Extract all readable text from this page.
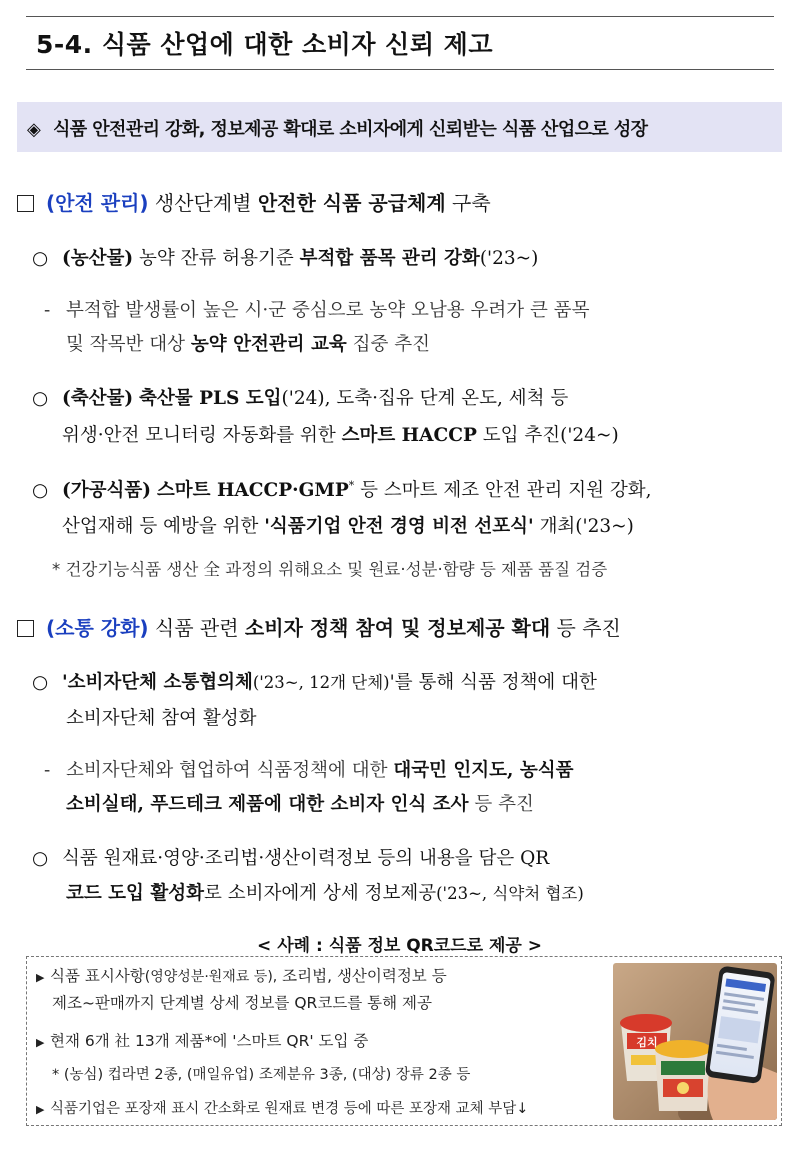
5-4. 식품 산업에 대한 소비자 신뢰 제고
◈ 식품 안전관리 강화, 정보제공 확대로 소비자에게 신뢰받는 식품 산업으로 성장
(안전 관리) 생산단계별 안전한 식품 공급체계 구축
○ (농산물) 농약 잔류 허용기준 부적합 품목 관리 강화('23~)
- 부적합 발생률이 높은 시·군 중심으로 농약 오남용 우려가 큰 품목
및 작목반 대상 농약 안전관리 교육 집중 추진
○ (축산물) 축산물 PLS 도입('24), 도축·집유 단계 온도, 세척 등
위생·안전 모니터링 자동화를 위한 스마트 HACCP 도입 추진('24~)
○ (가공식품) 스마트 HACCP·GMP* 등 스마트 제조 안전 관리 지원 강화,
산업재해 등 예방을 위한 '식품기업 안전 경영 비전 선포식' 개최('23~)
* 건강기능식품 생산 全 과정의 위해요소 및 원료·성분·함량 등 제품 품질 검증
(소통 강화) 식품 관련 소비자 정책 참여 및 정보제공 확대 등 추진
○ '소비자단체 소통협의체('23~, 12개 단체)'를 통해 식품 정책에 대한
소비자단체 참여 활성화
- 소비자단체와 협업하여 식품정책에 대한 대국민 인지도, 농식품
소비실태, 푸드테크 제품에 대한 소비자 인식 조사 등 추진
○ 식품 원재료·영양·조리법·생산이력정보 등의 내용을 담은 QR
코드 도입 활성화로 소비자에게 상세 정보제공('23~, 식약처 협조)
< 사례 : 식품 정보 QR코드로 제공 >
▶ 식품 표시사항(영양성분·원재료 등), 조리법, 생산이력정보 등
제조~판매까지 단계별 상세 정보를 QR코드를 통해 제공
▶ 현재 6개 社 13개 제품*에 '스마트 QR' 도입 중
* (농심) 컵라면 2종, (매일유업) 조제분유 3종, (대상) 장류 2종 등
▶ 식품기업은 포장재 표시 간소화로 원재료 변경 등에 따른 포장재 교체 부담↓
김치
